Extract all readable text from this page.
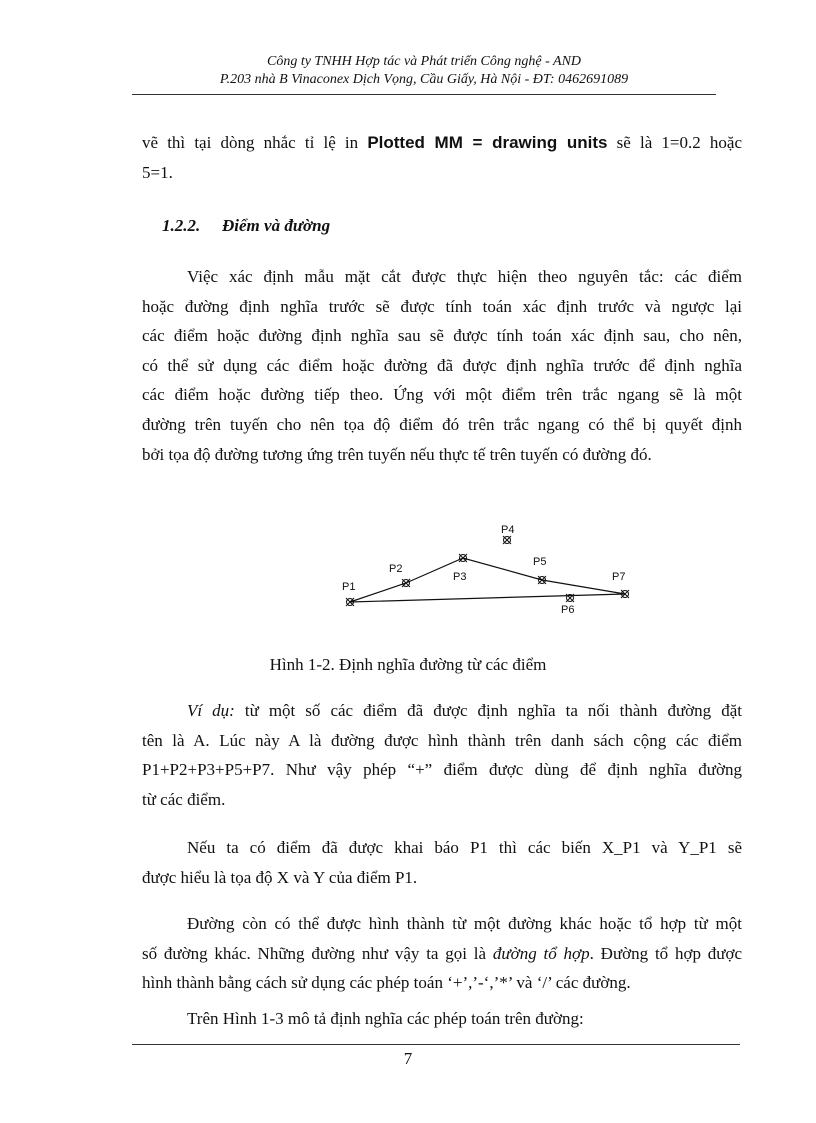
Công ty TNHH Hợp tác và Phát triển Công nghệ - AND
P.203 nhà B Vinaconex Dịch Vọng, Cầu Giấy, Hà Nội - ĐT: 0462691089
vẽ thì tại dòng nhắc tỉ lệ in Plotted MM = drawing units sẽ là 1=0.2 hoặc
5=1.
1.2.2. Điểm và đường
Việc xác định mẫu mặt cắt được thực hiện theo nguyên tắc: các điểm
hoặc đường định nghĩa trước sẽ được tính toán xác định trước và ngược lại
các điểm hoặc đường định nghĩa sau sẽ được tính toán xác định sau, cho nên,
có thể sử dụng các điểm hoặc đường đã được định nghĩa trước để định nghĩa
các điểm hoặc đường tiếp theo. Ứng với một điểm trên trắc ngang sẽ là một
đường trên tuyến cho nên tọa độ điểm đó trên trắc ngang có thể bị quyết định
bởi tọa độ đường tương ứng trên tuyến nếu thực tế trên tuyến có đường đó.
P1
P2
P3
P4
P5
P6
P7
Hình 1-2. Định nghĩa đường từ các điểm
Ví dụ: từ một số các điểm đã được định nghĩa ta nối thành đường đặt
tên là A. Lúc này A là đường được hình thành trên danh sách cộng các điểm
P1+P2+P3+P5+P7. Như vậy phép “+” điểm được dùng để định nghĩa đường
từ các điểm.
Nếu ta có điểm đã được khai báo P1 thì các biến X_P1 và Y_P1 sẽ
được hiểu là tọa độ X và Y của điểm P1.
Đường còn có thể được hình thành từ một đường khác hoặc tổ hợp từ một
số đường khác. Những đường như vậy ta gọi là đường tổ hợp. Đường tổ hợp được
hình thành bằng cách sử dụng các phép toán ‘+’,’-‘,’*’ và ‘/’ các đường.
Trên Hình 1-3 mô tả định nghĩa các phép toán trên đường:
7
